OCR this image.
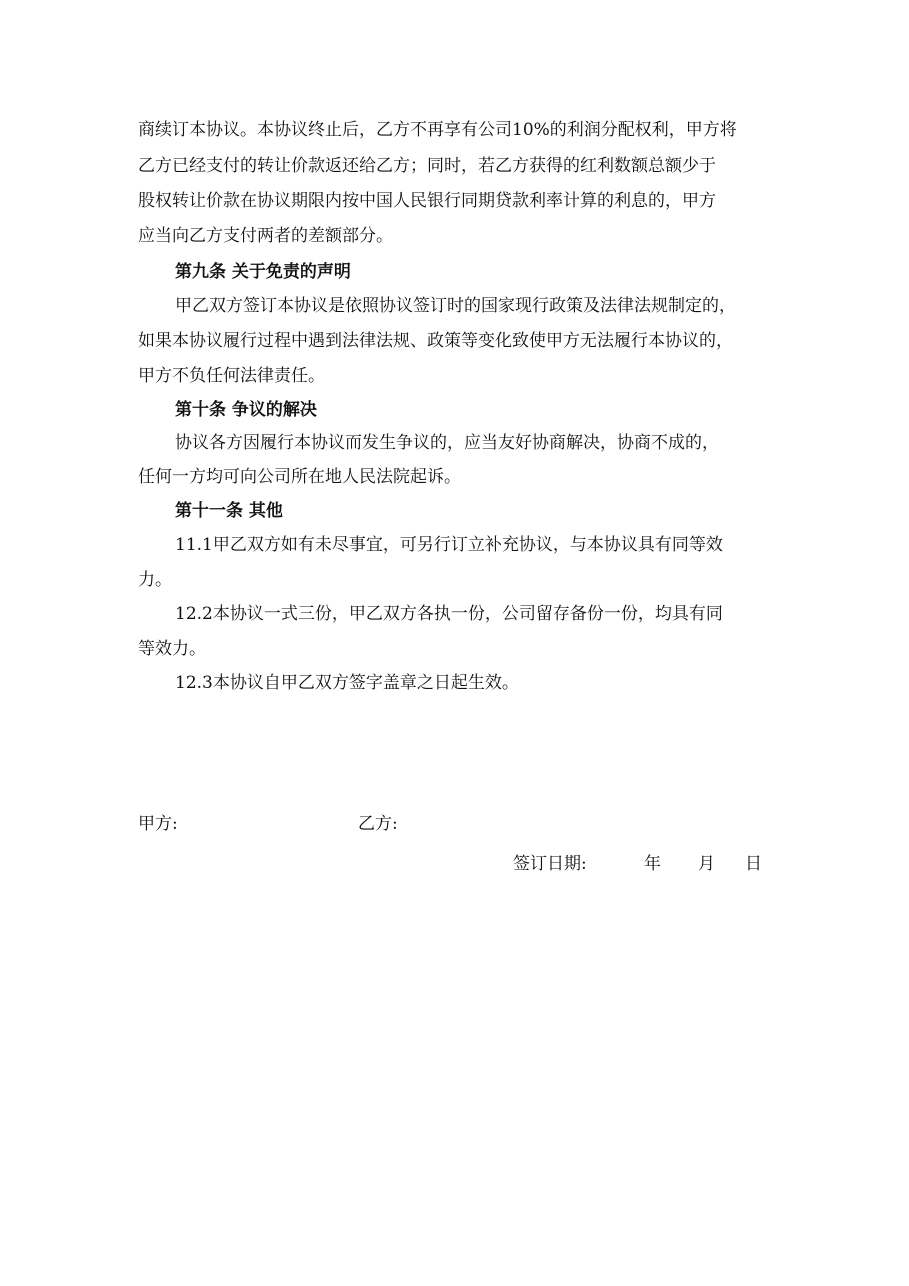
商续订本协议。本协议终止后，乙方不再享有公司10%的利润分配权利，甲方将
乙方已经支付的转让价款返还给乙方；同时，若乙方获得的红利数额总额少于
股权转让价款在协议期限内按中国人民银行同期贷款利率计算的利息的，甲方
应当向乙方支付两者的差额部分。
第九条 关于免责的声明
甲乙双方签订本协议是依照协议签订时的国家现行政策及法律法规制定的，
如果本协议履行过程中遇到法律法规、政策等变化致使甲方无法履行本协议的，
甲方不负任何法律责任。
第十条 争议的解决
协议各方因履行本协议而发生争议的，应当友好协商解决，协商不成的，
任何一方均可向公司所在地人民法院起诉。
第十一条 其他
11.1甲乙双方如有未尽事宜，可另行订立补充协议，与本协议具有同等效
力。
12.2本协议一式三份，甲乙双方各执一份，公司留存备份一份，均具有同
等效力。
12.3本协议自甲乙双方签字盖章之日起生效。
甲方:	乙方:
签订日期:	年 月 日
